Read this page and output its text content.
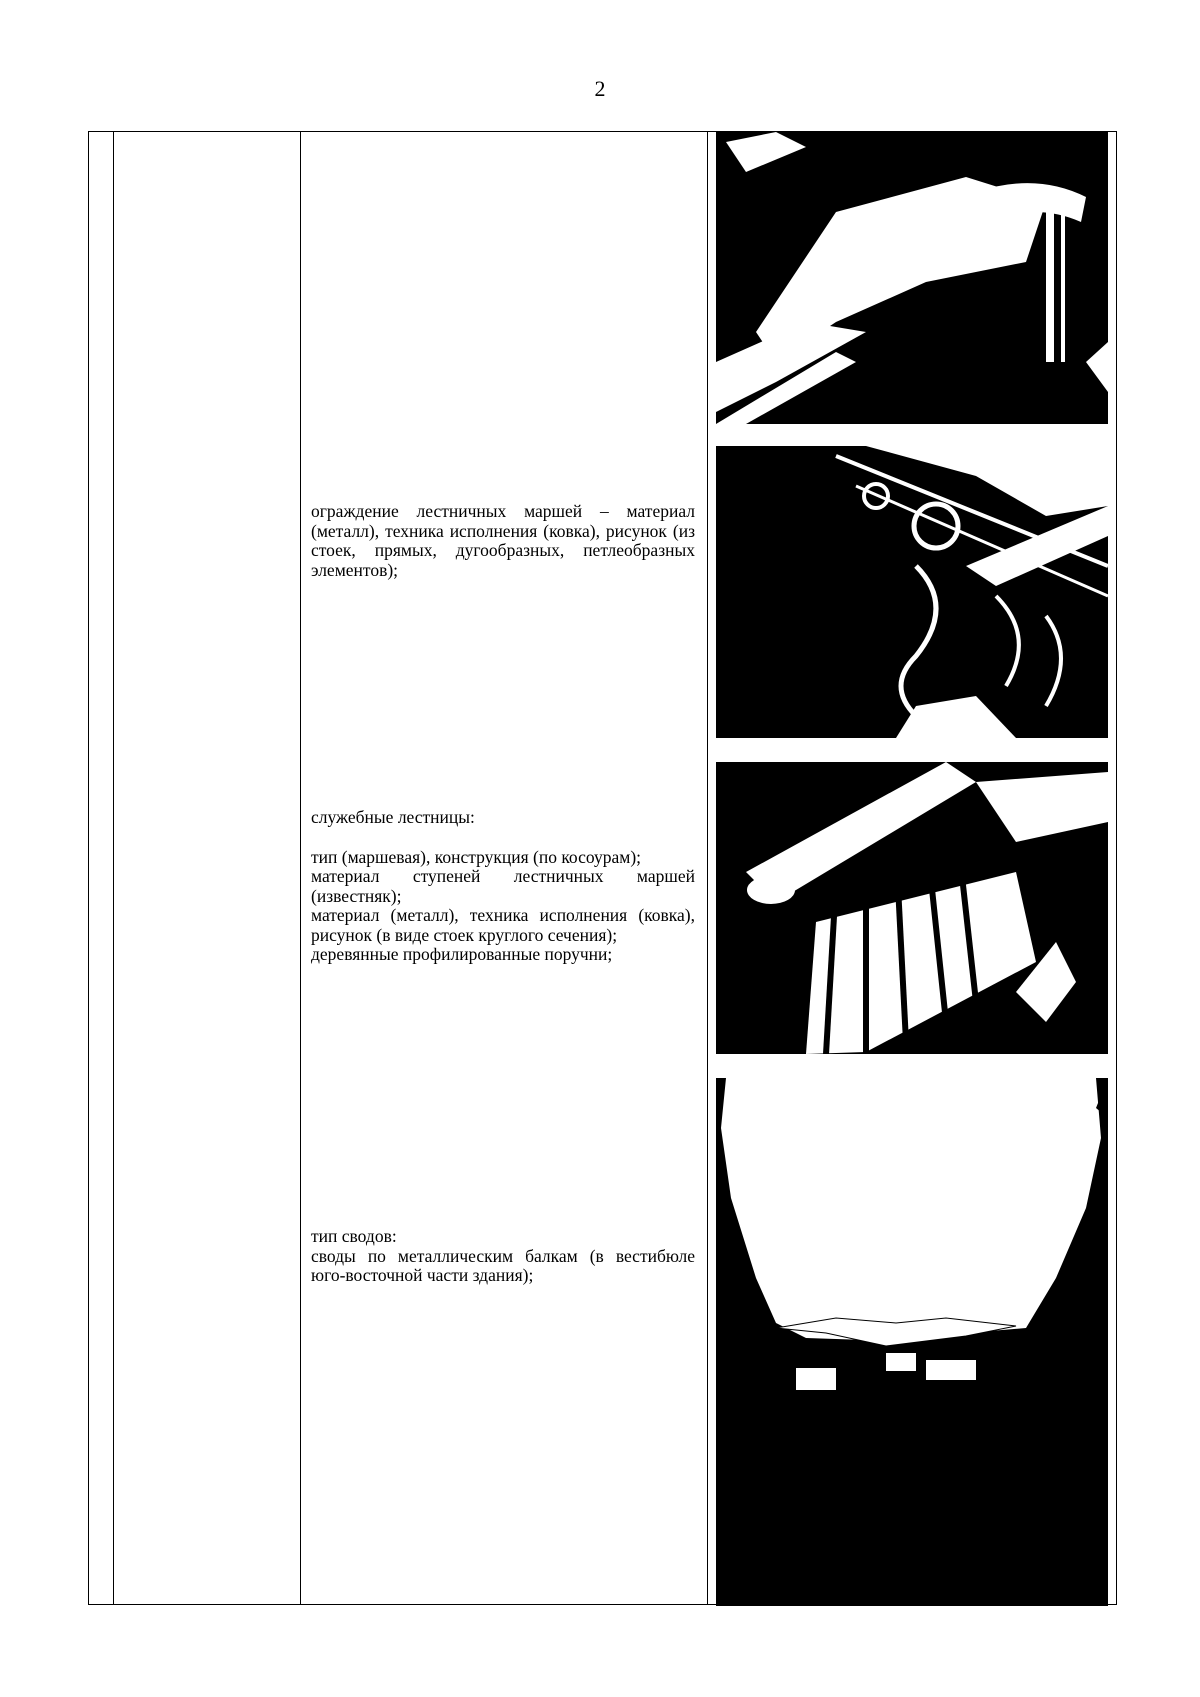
2

ограждение лестничных маршей – материал (металл), техника исполнения (ковка), рисунок (из стоек, прямых, дугообразных, петлеобразных элементов);

служебные лестницы:

тип (маршевая), конструкция (по косоурам);

материал ступеней лестничных маршей (известняк);

материал (металл), техника исполнения (ковка), рисунок (в виде стоек круглого сечения);

деревянные профилированные поручни;

тип сводов:

своды по металлическим балкам (в вестибюле юго-восточной части здания);
